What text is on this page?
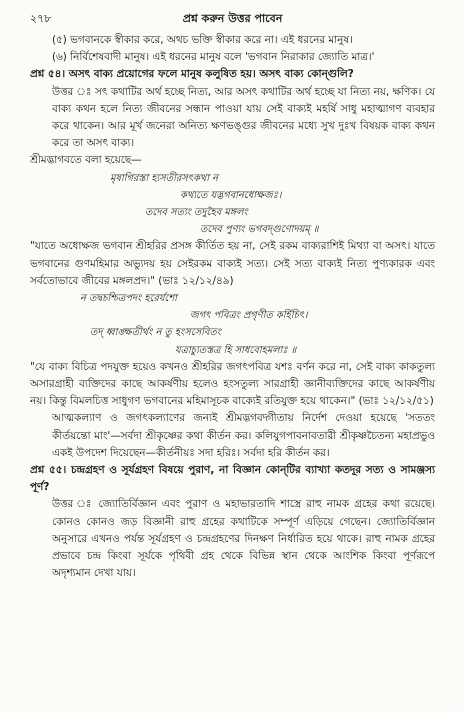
২৭৮	প্রশ্ন করুন উত্তর পাবেন

(৫) ভগবানকে স্বীকার করে, অথচ ভক্তি স্বীকার করে না। এই ধরনের মানুষ।

(৬) নির্বিশেষবাদী মানুষ। এই ধরনের মানুষ বলে 'ভগবান নিরাকার জ্যোতি মাত্র।'

প্রশ্ন ৫৪। অসৎ বাক্য প্রয়োগের ফলে মানুষ কলুষিত হয়। অসৎ বাক্য কোন্‌গুলি?

উত্তর ঃ সৎ কথাটির অর্থ হচ্ছে নিত্য, আর অসৎ কথাটির অর্থ হচ্ছে যা নিত্য নয়, ক্ষণিক। যে বাক্য কথন হলে নিত্য জীবনের সন্ধান পাওয়া যায় সেই বাক্যই মহর্ষি সাধু মহাত্মাগণ ব্যবহার করে থাকেন। আর মূর্খ জনেরা অনিত্য ক্ষণভঙ্গুর জীবনের মধ্যে সুখ দুঃখ বিষয়ক বাক্য কথন করে তা অসৎ বাক্য।

শ্রীমদ্ভাগবতে বলা হয়েছে—

মৃষাগিরস্তা হ্যসতীরসৎকথা ন

কথ্যতে যদ্ভগবানধোক্ষজঃ।

তদেব সত্যং তদুহৈব মঙ্গলং

তদেব পুণ্যং ভগবদ্গুণোদয়ম্‌ ॥

"যাতে অধোক্ষজ ভগবান শ্রীহরির প্রসঙ্গ কীর্তিত হয় না, সেই রকম বাক্যরাশিই মিথ্যা বা অসৎ। যাতে ভগবানের গুণমহিমার অভ্যুদয় হয় সেইরকম বাক্যই সত্য। সেই সত্য বাক্যই নিত্য পুণ্যকারক এবং সর্বতোভাবে জীবের মঙ্গলপ্রদ।" (ভাঃ ১২/১২/৪৯)

ন তদ্বচশ্চিত্রপদং হরের্যশো

জগৎ পবিত্রং প্রগৃণীত কর্হিচিৎ।

তদ্‌ ধ্বাঙ্ক্ষতীর্থং ন তু হংসসেবিতং

যত্রাচ্যুতস্তত্র হি সাধবোহমলাঃ ॥

"যে বাক্য বিচিত্র পদযুক্ত হয়েও কখনও শ্রীহরির জগৎপবিত্র যশঃ বর্ণন করে না, সেই বাক্য কাকতুল্য অসারগ্রাহী ব্যক্তিদের কাছে আকর্ষণীয় হলেও হংসতুল্য সারগ্রাহী জ্ঞানীব্যক্তিদের কাছে আকর্ষণীয় নয়। কিন্তু বিমলচিত্ত সাধুগণ ভগবানের মহিমাসূচক বাক্যেই রতিযুক্ত হয়ে থাকেন।" (ভাঃ ১২/১২/৫১)

আত্মকল্যাণ ও জগৎকল্যাণের জন্যই শ্রীমদ্ভগবদ্গীতায় নির্দেশ দেওয়া হয়েছে 'সততং কীর্তয়ন্তো মাং'—সর্বদা শ্রীকৃষ্ণের কথা কীর্তন কর। কলিযুগপাবনাবতারী শ্রীকৃষ্ণচৈতন্য মহাপ্রভুও একই উপদেশ দিয়েছেন—কীর্তনীয়ঃ সদা হরিঃ। সর্বদা হরি কীর্তন কর।

প্রশ্ন ৫৫। চন্দ্রগ্রহণ ও সূর্যগ্রহণ বিষয়ে পুরাণ, না বিজ্ঞান কোন্‌টির ব্যাখ্যা কতদূর সত্য ও সামঞ্জস্য পূর্ণ?

উত্তর ঃ জ্যোতির্বিজ্ঞান এবং পুরাণ ও মহাভারতাদি শাস্ত্রে রাহু নামক গ্রহের কথা রয়েছে। কোনও কোনও জড় বিজ্ঞানী রাহু গ্রহের কথাটিকে সম্পূর্ণ এড়িয়ে গেছেন। জ্যোতির্বিজ্ঞান অনুসারে এখনও পর্যন্ত সূর্যগ্রহণ ও চন্দ্রগ্রহণের দিনক্ষণ নির্ধারিত হয়ে থাকে। রাহু নামক গ্রহের প্রভাবে চন্দ্র কিংবা সূর্যকে পৃথিবী গ্রহ থেকে বিভিন্ন স্থান থেকে আংশিক কিংবা পূর্ণরূপে অদৃশ্যমান দেখা যায়।
